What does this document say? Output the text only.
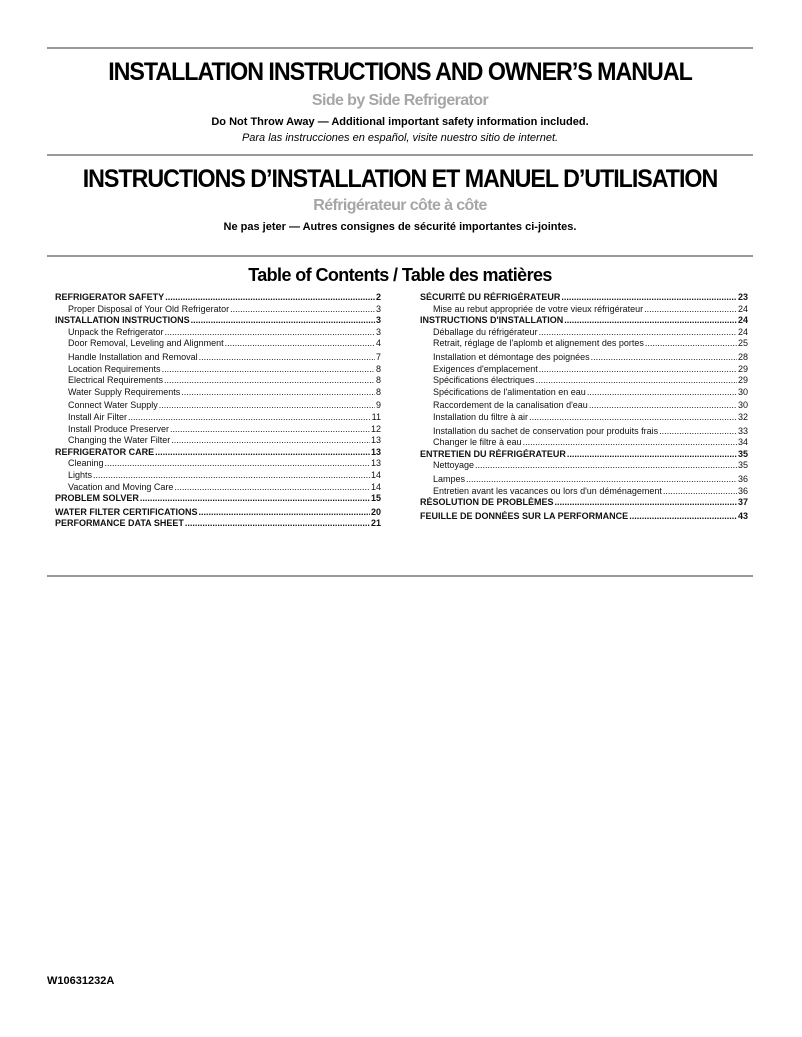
INSTALLATION INSTRUCTIONS AND OWNER’S MANUAL
Side by Side Refrigerator
Do Not Throw Away — Additional important safety information included.
Para las instrucciones en español, visite nuestro sitio de internet.
INSTRUCTIONS D’INSTALLATION ET MANUEL D’UTILISATION
Réfrigérateur côte à côte
Ne pas jeter — Autres consignes de sécurité importantes ci-jointes.
Table of Contents / Table des matières
REFRIGERATOR SAFETY .....	2
Proper Disposal of Your Old Refrigerator .....	3
INSTALLATION INSTRUCTIONS .....	3
Unpack the Refrigerator .....	3
Door Removal, Leveling and Alignment .....	4
Handle Installation and Removal .....	7
Location Requirements .....	8
Electrical Requirements .....	8
Water Supply Requirements .....	8
Connect Water Supply .....	9
Install Air Filter .....	11
Install Produce Preserver .....	12
Changing the Water Filter .....	13
REFRIGERATOR CARE .....	13
Cleaning .....	13
Lights .....	14
Vacation and Moving Care .....	14
PROBLEM SOLVER .....	15
WATER FILTER CERTIFICATIONS .....	20
PERFORMANCE DATA SHEET .....	21
SÉCURITÉ DU RÉFRIGÉRATEUR .....	23
Mise au rebut appropriée de votre vieux réfrigérateur .....	24
INSTRUCTIONS D'INSTALLATION .....	24
Déballage du réfrigérateur .....	24
Retrait, réglage de l'aplomb et alignement des portes .....	25
Installation et démontage des poignées .....	28
Exigences d'emplacement .....	29
Spécifications électriques .....	29
Spécifications de l'alimentation en eau .....	30
Raccordement de la canalisation d'eau .....	30
Installation du filtre à air .....	32
Installation du sachet de conservation pour produits frais .....	33
Changer le filtre à eau .....	34
ENTRETIEN DU RÉFRIGÉRATEUR .....	35
Nettoyage .....	35
Lampes .....	36
Entretien avant les vacances ou lors d'un déménagement .....	36
RÉSOLUTION DE PROBLÈMES .....	37
FEUILLE DE DONNÉES SUR LA PERFORMANCE .....	43
W10631232A
